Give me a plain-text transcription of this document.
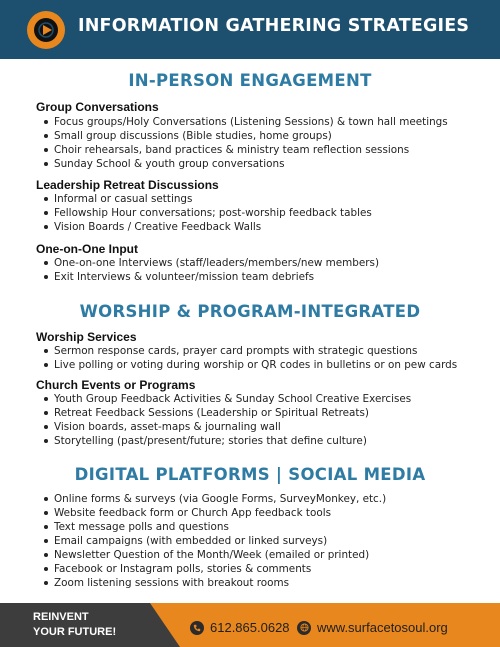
INFORMATION GATHERING STRATEGIES
IN-PERSON ENGAGEMENT
Group Conversations
Focus groups/Holy Conversations (Listening Sessions) & town hall meetings
Small group discussions (Bible studies, home groups)
Choir rehearsals, band practices & ministry team reflection sessions
Sunday School & youth group conversations
Leadership Retreat Discussions
Informal or casual settings
Fellowship Hour conversations; post-worship feedback tables
Vision Boards / Creative Feedback Walls
One-on-One Input
One-on-one Interviews (staff/leaders/members/new members)
Exit Interviews & volunteer/mission team debriefs
WORSHIP & PROGRAM-INTEGRATED
Worship Services
Sermon response cards, prayer card prompts with strategic questions
Live polling or voting during worship or QR codes in bulletins or on pew cards
Church Events or Programs
Youth Group Feedback Activities & Sunday School Creative Exercises
Retreat Feedback Sessions (Leadership or Spiritual Retreats)
Vision boards, asset-maps & journaling wall
Storytelling (past/present/future; stories that define culture)
DIGITAL PLATFORMS | SOCIAL MEDIA
Online forms & surveys (via Google Forms, SurveyMonkey, etc.)
Website feedback form or Church App feedback tools
Text message polls and questions
Email campaigns (with embedded or linked surveys)
Newsletter Question of the Month/Week (emailed or printed)
Facebook or Instagram polls, stories & comments
Zoom listening sessions with breakout rooms
REINVENT
YOUR FUTURE!	612.865.0628 www.surfacetosoul.org
